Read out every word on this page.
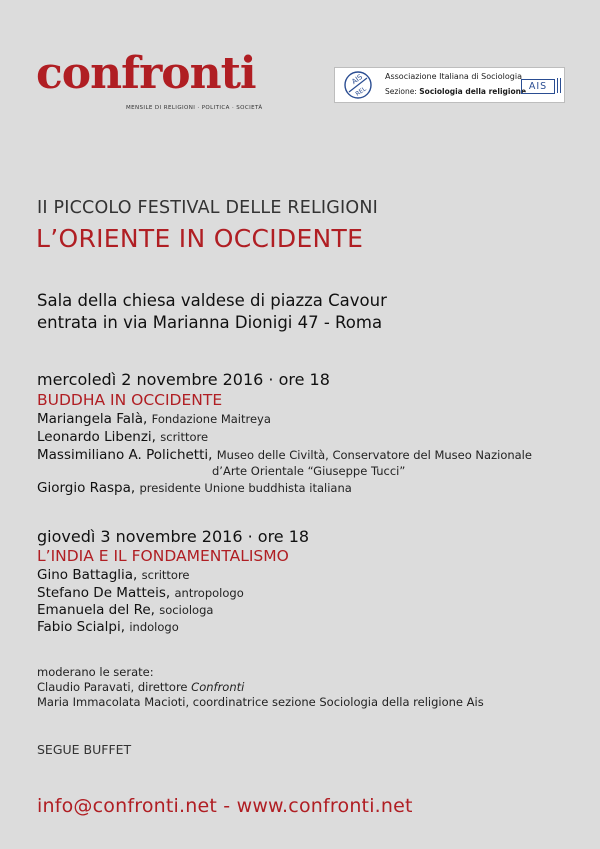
confronti
MENSILE DI RELIGIONI · POLITICA · SOCIETÀ
AIS
REL
Associazione Italiana di Sociologia
Sezione: Sociologia della religione AIS
II PICCOLO FESTIVAL DELLE RELIGIONI
L’ORIENTE IN OCCIDENTE
Sala della chiesa valdese di piazza Cavour
entrata in via Marianna Dionigi 47 - Roma
mercoledì 2 novembre 2016 · ore 18
BUDDHA IN OCCIDENTE
Mariangela Falà, Fondazione Maitreya
Leonardo Libenzi, scrittore
Massimiliano A. Polichetti, Museo delle Civiltà, Conservatore del Museo Nazionale
d’Arte Orientale “Giuseppe Tucci”
Giorgio Raspa, presidente Unione buddhista italiana
giovedì 3 novembre 2016 · ore 18
L’INDIA E IL FONDAMENTALISMO
Gino Battaglia, scrittore
Stefano De Matteis, antropologo
Emanuela del Re, sociologa
Fabio Scialpi, indologo
moderano le serate:
Claudio Paravati, direttore Confronti
Maria Immacolata Macioti, coordinatrice sezione Sociologia della religione Ais
SEGUE BUFFET
info@confronti.net - www.confronti.net
